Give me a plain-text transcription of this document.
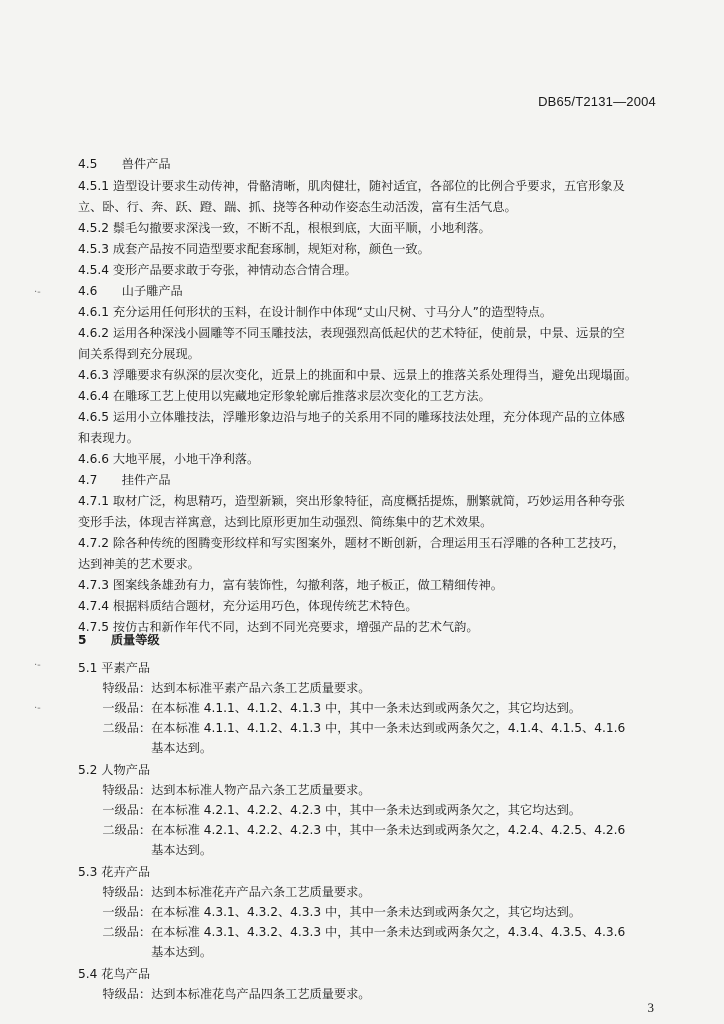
DB65/T2131—2004
4.5　　兽件产品
4.5.1 造型设计要求生动传神，骨骼清晰，肌肉健壮，随衬适宜，各部位的比例合乎要求，五官形象及
立、卧、行、奔、跃、蹬、踹、抓、挠等各种动作姿态生动活泼，富有生活气息。
4.5.2 鬃毛勾撤要求深浅一致，不断不乱，根根到底，大面平顺，小地利落。
4.5.3 成套产品按不同造型要求配套琢制，规矩对称，颜色一致。
4.5.4 变形产品要求敢于夸张，神情动态合情合理。
4.6　　山子雕产品
4.6.1 充分运用任何形状的玉料，在设计制作中体现“丈山尺树、寸马分人”的造型特点。
4.6.2 运用各种深浅小圆雕等不同玉雕技法，表现强烈高低起伏的艺术特征，使前景，中景、远景的空
间关系得到充分展现。
4.6.3 浮雕要求有纵深的层次变化，近景上的挑面和中景、远景上的推落关系处理得当，避免出现塌面。
4.6.4 在雕琢工艺上使用以宪藏地定形象轮廓后推落求层次变化的工艺方法。
4.6.5 运用小立体雕技法，浮雕形象边沿与地子的关系用不同的雕琢技法处理，充分体现产品的立体感
和表现力。
4.6.6 大地平展，小地干净利落。
4.7　　挂件产品
4.7.1 取材广泛，构思精巧，造型新颖，突出形象特征，高度概括提炼，删繁就简，巧妙运用各种夸张
变形手法，体现吉祥寓意，达到比原形更加生动强烈、简练集中的艺术效果。
4.7.2 除各种传统的图腾变形纹样和写实图案外，题材不断创新，合理运用玉石浮雕的各种工艺技巧，
达到神美的艺术要求。
4.7.3 图案线条雄劲有力，富有装饰性，勾撤利落，地子板正，做工精细传神。
4.7.4 根据料质结合题材，充分运用巧色，体现传统艺术特色。
4.7.5 按仿古和新作年代不同，达到不同光亮要求，增强产品的艺术气韵。
5　　质量等级
5.1 平素产品
　　特级品：达到本标准平素产品六条工艺质量要求。
　　一级品：在本标准 4.1.1、4.1.2、4.1.3 中，其中一条未达到或两条欠之，其它均达到。
　　二级品：在本标准 4.1.1、4.1.2、4.1.3 中，其中一条未达到或两条欠之，4.1.4、4.1.5、4.1.6
　　　　　　基本达到。
5.2 人物产品
　　特级品：达到本标准人物产品六条工艺质量要求。
　　一级品：在本标准 4.2.1、4.2.2、4.2.3 中，其中一条未达到或两条欠之，其它均达到。
　　二级品：在本标准 4.2.1、4.2.2、4.2.3 中，其中一条未达到或两条欠之，4.2.4、4.2.5、4.2.6
　　　　　　基本达到。
5.3 花卉产品
　　特级品：达到本标准花卉产品六条工艺质量要求。
　　一级品：在本标准 4.3.1、4.3.2、4.3.3 中，其中一条未达到或两条欠之，其它均达到。
　　二级品：在本标准 4.3.1、4.3.2、4.3.3 中，其中一条未达到或两条欠之，4.3.4、4.3.5、4.3.6
　　　　　　基本达到。
5.4 花鸟产品
　　特级品：达到本标准花鸟产品四条工艺质量要求。
3
·-
·-
·-
